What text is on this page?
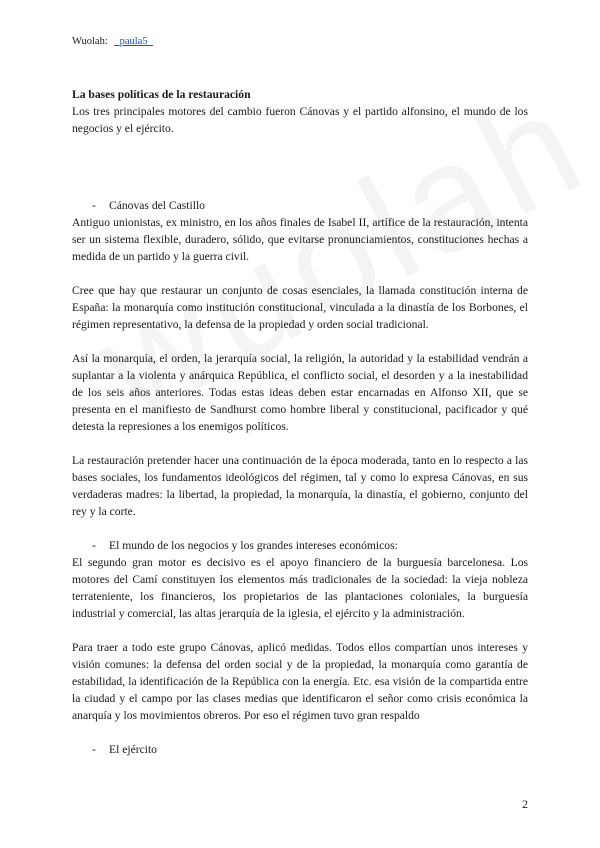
Wuolah: _paula5_

La bases políticas de la restauración

Los tres principales motores del cambio fueron Cánovas y el partido alfonsino, el mundo de los negocios y el ejército.

-	Cánovas del Castillo

Antiguo unionistas, ex ministro, en los años finales de Isabel II, artífice de la restauración, intenta ser un sistema flexible, duradero, sólido, que evitarse pronunciamientos, constituciones hechas a medida de un partido y la guerra civil.

Cree que hay que restaurar un conjunto de cosas esenciales, la llamada constitución interna de España: la monarquía como institución constitucional, vinculada a la dinastía de los Borbones, el régimen representativo, la defensa de la propiedad y orden social tradicional.

Así la monarquía, el orden, la jerarquía social, la religión, la autoridad y la estabilidad vendrán a suplantar a la violenta y anárquica República, el conflicto social, el desorden y a la inestabilidad de los seis años anteriores. Todas estas ideas deben estar encarnadas en Alfonso XII, que se presenta en el manifiesto de Sandhurst como hombre liberal y constitucional, pacificador y qué detesta la represiones a los enemigos políticos.

La restauración pretender hacer una continuación de la época moderada, tanto en lo respecto a las bases sociales, los fundamentos ideológicos del régimen, tal y como lo expresa Cánovas, en sus verdaderas madres: la libertad, la propiedad, la monarquía, la dinastía, el gobierno, conjunto del rey y la corte.

-	El mundo de los negocios y los grandes intereses económicos:

El segundo gran motor es decisivo es el apoyo financiero de la burguesía barcelonesa. Los motores del Camí constituyen los elementos más tradicionales de la sociedad: la vieja nobleza terrateniente, los financieros, los propietarios de las plantaciones coloniales, la burguesía industrial y comercial, las altas jerarquía de la iglesia, el ejército y la administración.

Para traer a todo este grupo Cánovas, aplicó medidas. Todos ellos compartían unos intereses y visión comunes: la defensa del orden social y de la propiedad, la monarquía como garantía de estabilidad, la identificación de la República con la energía. Etc. esa visión de la compartida entre la ciudad y el campo por las clases medias que identificaron el señor como crisis económica la anarquía y los movimientos obreros. Por eso el régimen tuvo gran respaldo

-	El ejército
2
